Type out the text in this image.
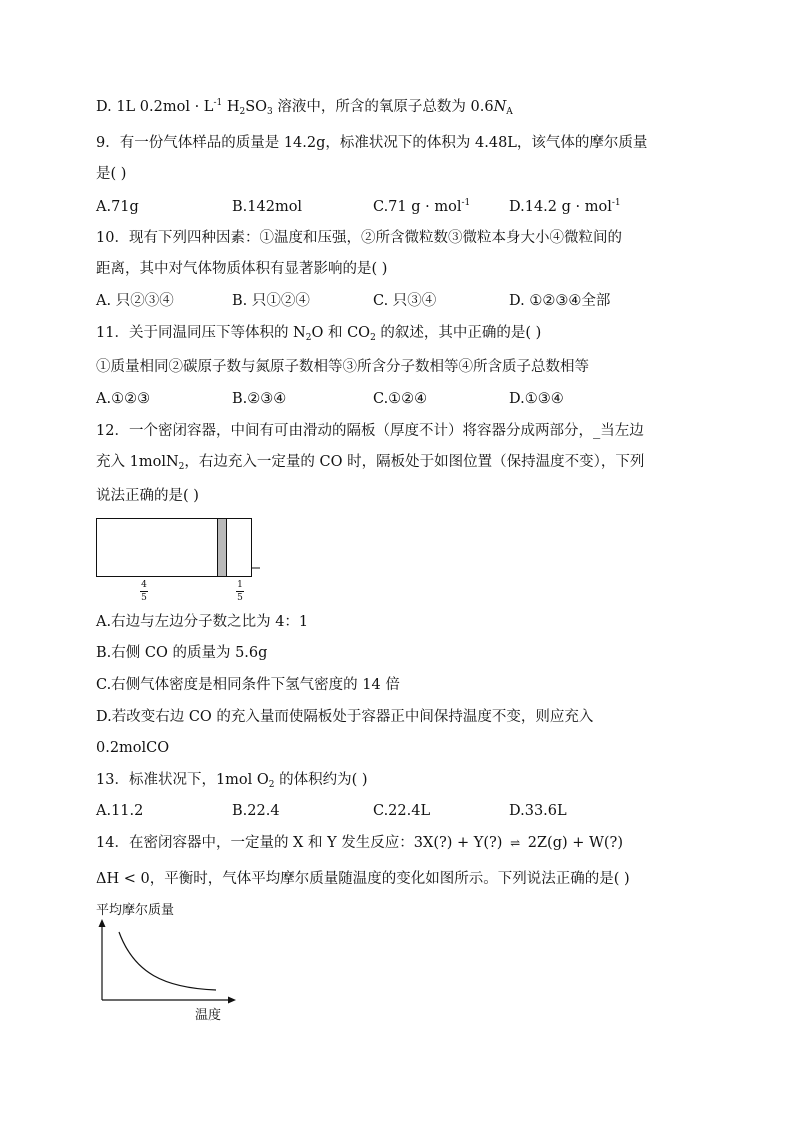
D. 1L $0.2mol \cdot L^{-1}$ $H_2SO_3$ 溶液中，所含的氧原子总数为 $0.6N_A$
9．有一份气体样品的质量是 14.2g，标准状况下的体积为 4.48L，该气体的摩尔质量
是( )
A.71g	B.142mol	C.71 g · mol$^{-1}$	D.14.2 g · mol$^{-1}$
10．现有下列四种因素：①温度和压强，②所含微粒数③微粒本身大小④微粒间的
距离，其中对气体物质体积有显著影响的是( )
A. 只②③④	B. 只①②④	C. 只③④	D. ①②③④全部
11．关于同温同压下等体积的 $N_2O$ 和 $CO_2$ 的叙述，其中正确的是( )
①质量相同②碳原子数与氮原子数相等③所含分子数相等④所含质子总数相等
A.①②③	B.②③④	C.①②④	D.①③④
12．一个密闭容器，中间有可由滑动的隔板（厚度不计）将容器分成两部分，_当左边
充入 1molN$_2$，右边充入一定量的 CO 时，隔板处于如图位置（保持温度不变），下列
说法正确的是( )
4
5
1
5
A.右边与左边分子数之比为 4：1
B.右侧 CO 的质量为 5.6g
C.右侧气体密度是相同条件下氢气密度的 14 倍
D.若改变右边 CO 的充入量而使隔板处于容器正中间保持温度不变，则应充入
0.2molCO
13．标准状况下，1mol $O_2$ 的体积约为( )
A.11.2	B.22.4	C.22.4L	D.33.6L
14．在密闭容器中，一定量的 X 和 Y 发生反应：3X(?) + Y(?) ⇌ 2Z(g) + W(?)
ΔH < 0，平衡时，气体平均摩尔质量随温度的变化如图所示。下列说法正确的是( )
平均摩尔质量
温度
